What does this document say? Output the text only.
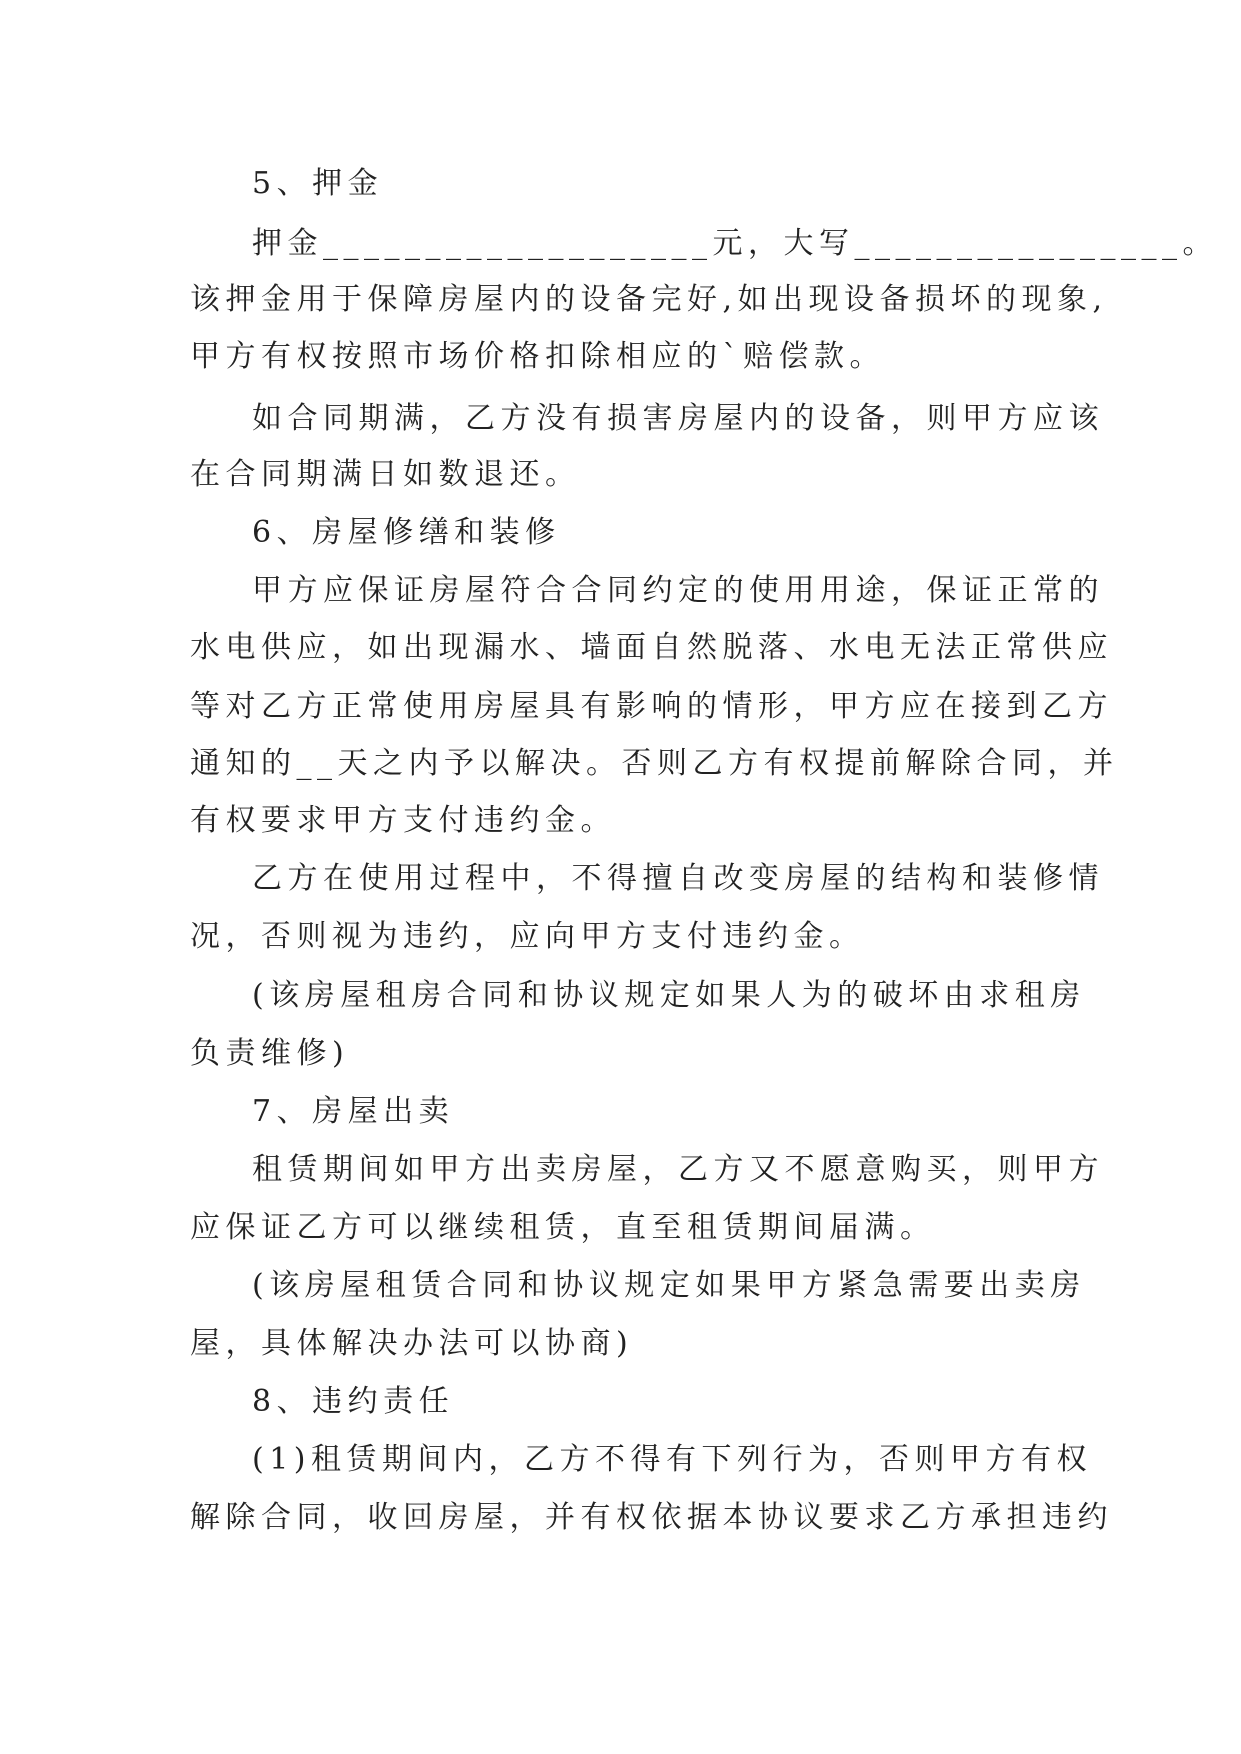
5、押金
押金___________________元，大写________________。
该押金用于保障房屋内的设备完好,如出现设备损坏的现象,
甲方有权按照市场价格扣除相应的`赔偿款。
如合同期满，乙方没有损害房屋内的设备，则甲方应该
在合同期满日如数退还。
6、房屋修缮和装修
甲方应保证房屋符合合同约定的使用用途，保证正常的
水电供应，如出现漏水、墙面自然脱落、水电无法正常供应
等对乙方正常使用房屋具有影响的情形，甲方应在接到乙方
通知的__天之内予以解决。否则乙方有权提前解除合同，并
有权要求甲方支付违约金。
乙方在使用过程中，不得擅自改变房屋的结构和装修情
况，否则视为违约，应向甲方支付违约金。
(该房屋租房合同和协议规定如果人为的破坏由求租房
负责维修)
7、房屋出卖
租赁期间如甲方出卖房屋，乙方又不愿意购买，则甲方
应保证乙方可以继续租赁，直至租赁期间届满。
(该房屋租赁合同和协议规定如果甲方紧急需要出卖房
屋，具体解决办法可以协商)
8、违约责任
(1)租赁期间内，乙方不得有下列行为，否则甲方有权
解除合同，收回房屋，并有权依据本协议要求乙方承担违约
